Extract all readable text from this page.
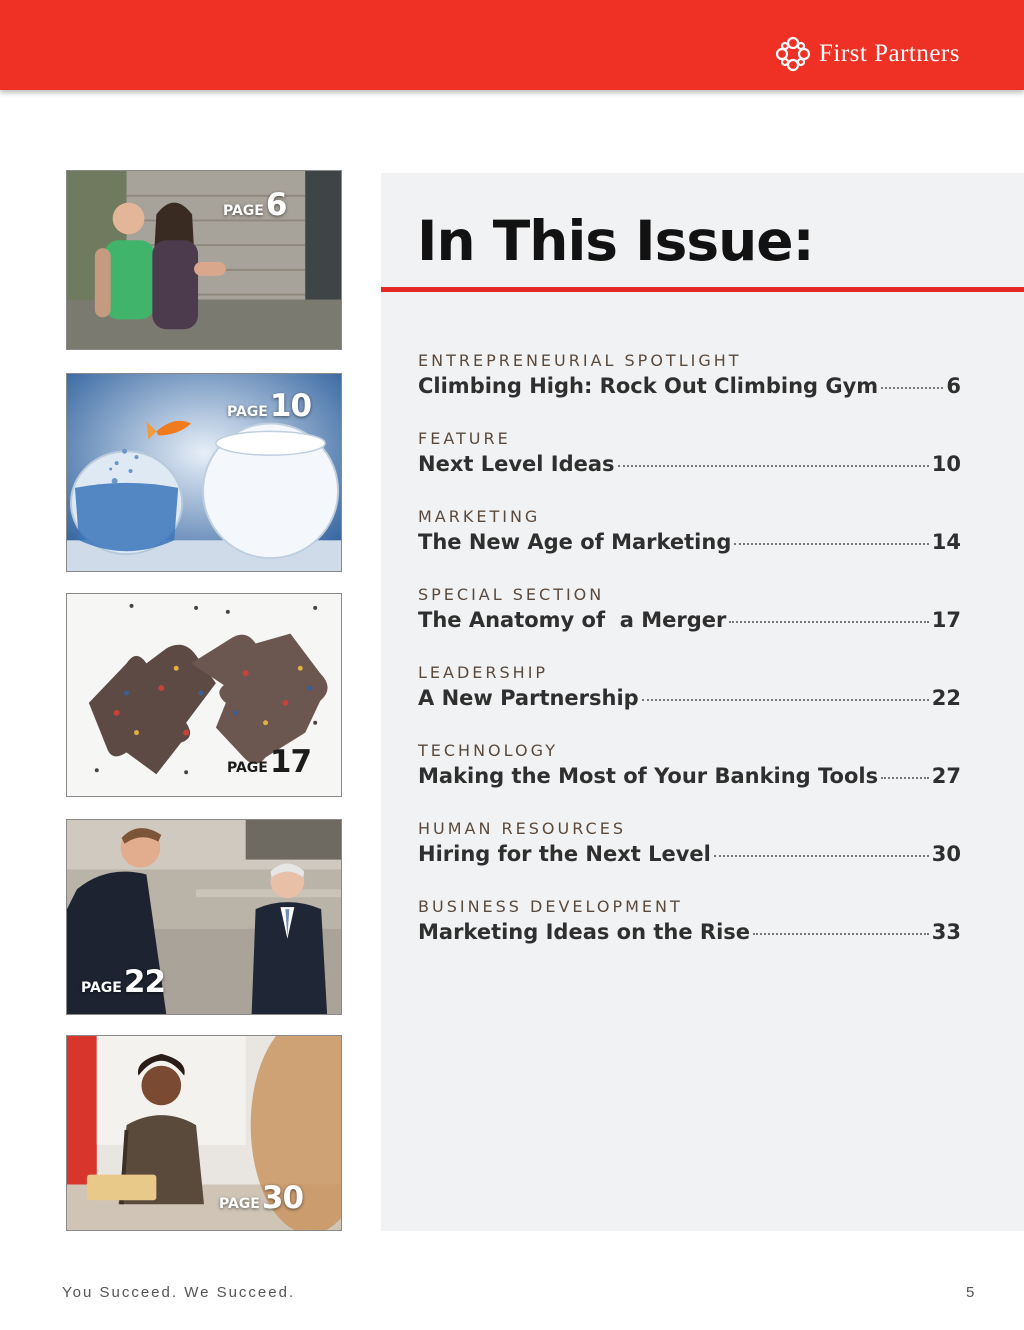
First Partners
PAGE 6
PAGE 10
PAGE 17
PAGE 22
PAGE 30
In This Issue:
ENTREPRENEURIAL SPOTLIGHT
Climbing High: Rock Out Climbing Gym	6
FEATURE
Next Level Ideas	10
MARKETING
The New Age of Marketing	14
SPECIAL SECTION
The Anatomy of  a Merger	17
LEADERSHIP
A New Partnership	22
TECHNOLOGY
Making the Most of Your Banking Tools	27
HUMAN RESOURCES
Hiring for the Next Level	30
BUSINESS DEVELOPMENT
Marketing Ideas on the Rise	33
You Succeed. We Succeed.	5
